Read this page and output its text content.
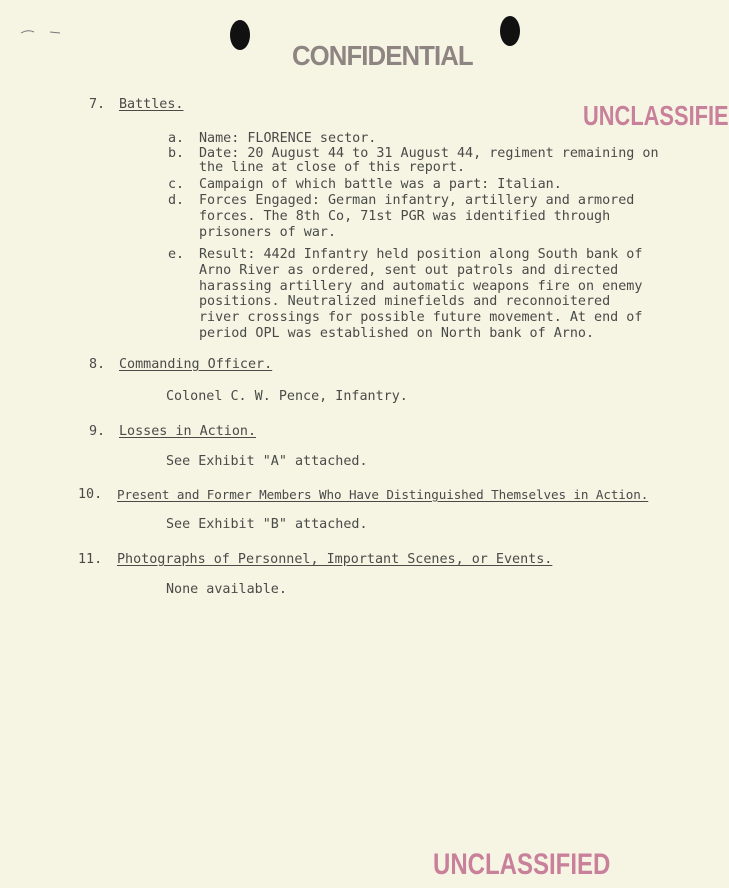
CONFIDENTIAL
UNCLASSIFIE
UNCLASSIFIED
7. Battles.
a. Name: FLORENCE sector.
b. Date: 20 August 44 to 31 August 44, regiment remaining on
the line at close of this report.
c. Campaign of which battle was a part: Italian.
d. Forces Engaged: German infantry, artillery and armored
forces. The 8th Co, 71st PGR was identified through
prisoners of war.
e. Result: 442d Infantry held position along South bank of
Arno River as ordered, sent out patrols and directed
harassing artillery and automatic weapons fire on enemy
positions. Neutralized minefields and reconnoitered
river crossings for possible future movement. At end of
period OPL was established on North bank of Arno.
8. Commanding Officer.
Colonel C. W. Pence, Infantry.
9. Losses in Action.
See Exhibit "A" attached.
10. Present and Former Members Who Have Distinguished Themselves in Action.
See Exhibit "B" attached.
11. Photographs of Personnel, Important Scenes, or Events.
None available.
